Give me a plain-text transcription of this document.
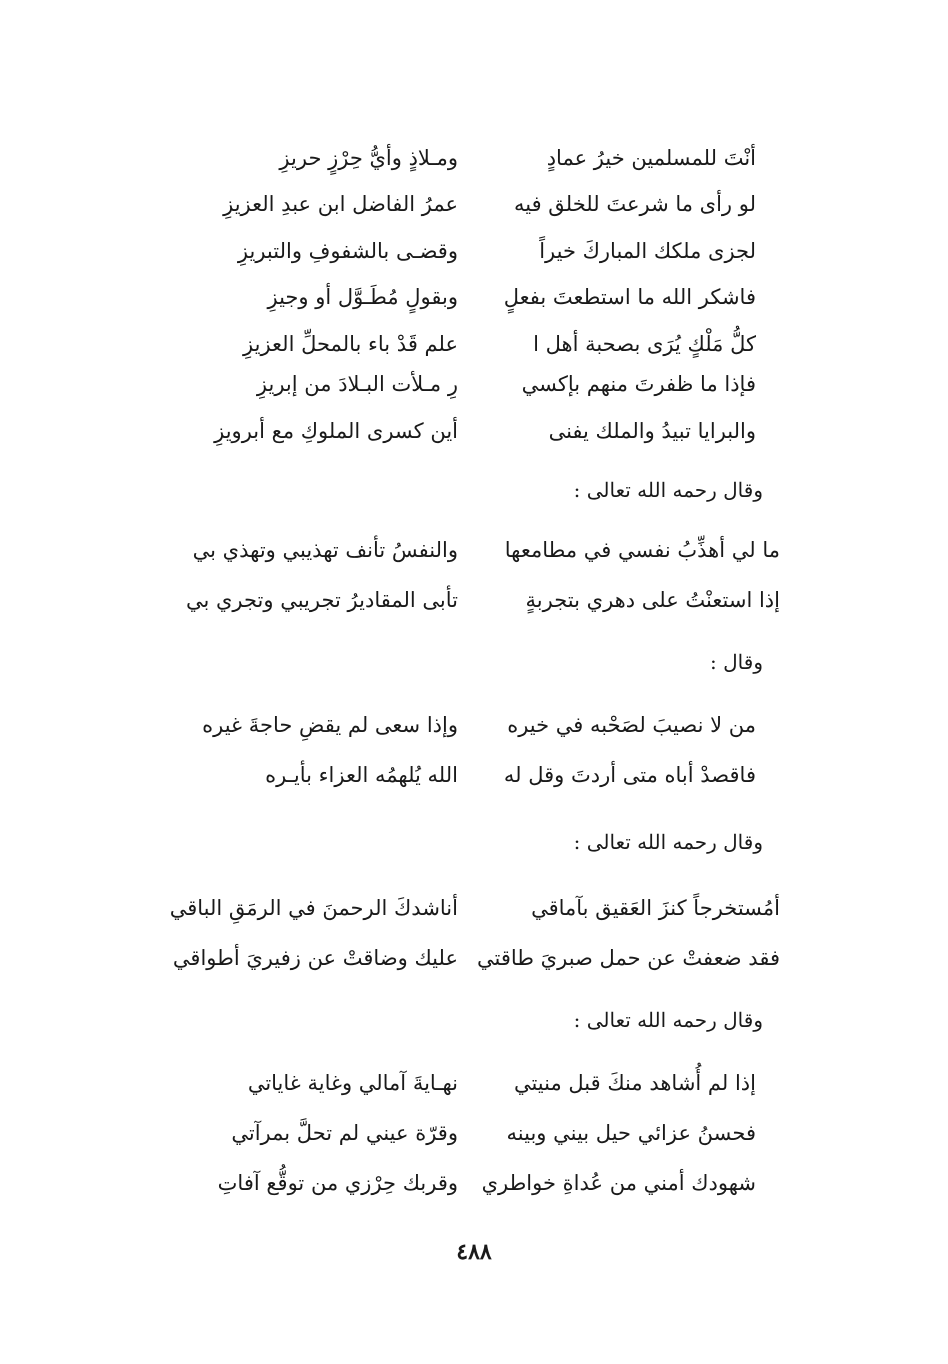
أنْتَ للمسلمين خيرُ عمادٍ
ومـلاذٍ وأيُّ حِرْزٍ حريزِ
لو رأى ما شرعتَ للخلق فيه
عمرُ الفاضل ابن عبدِ العزيزِ
لجزى ملكك المباركَ خيراً
وقضـى بالشفوفِ والتبريزِ
فاشكر الله ما استطعتَ بفعلٍ
وبقولٍ مُطَـوَّل أو وجيزِ
كلُّ مَلْكٍ يُرَى بصحبة أهل ا
علم قَدْ باء بالمحلِّ العزيزِ
فإذا ما ظفرتَ منهم بإكسي
رِ مـلأت البـلادَ من إبريزِ
والبرايا تبيدُ والملك يفنى
أين كسرى الملوكِ مع أبرويزِ
وقال رحمه الله تعالى :
ما لي أهذِّبُ نفسي في مطامعها
والنفسُ تأنف تهذيبي وتهذي بي
إذا استعنْتُ على دهري بتجربةٍ
تأبى المقاديرُ تجريبي وتجري بي
وقال :
من لا نصيبَ لصَحْبه في خيره
وإذا سعى لم يقضِ حاجةَ غيره
فاقصدْ أباه متى أردتَ وقل له
الله يُلهمُه العزاء بأيـره
وقال رحمه الله تعالى :
أمُستخرجاً كنزَ العَقيق بآماقي
أناشدكَ الرحمنَ في الرمَقِ الباقي
فقد ضعفتْ عن حمل صبريَ طاقتي
عليك وضاقتْ عن زفيريَ أطواقي
وقال رحمه الله تعالى :
إذا لم أُشاهد منكَ قبل منيتي
نهـايةَ آمالي وغاية غاياتي
فحسنُ عزائي حيل بيني وبينه
وقرّة عيني لم تحلَّ بمرآتي
شهودك أمني من عُداةِ خواطري
وقربك حِرْزي من توقُّع آفاتِ
٤٨٨
